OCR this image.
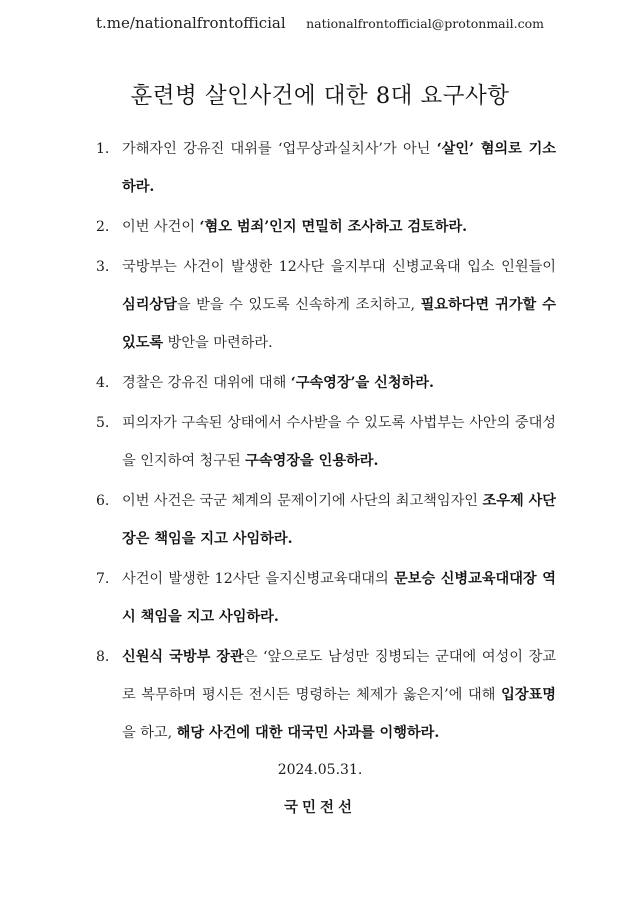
t.me/nationalfrontofficial nationalfrontofficial@protonmail.com
훈련병 살인사건에 대한 8대 요구사항
1. 가해자인 강유진 대위를 ‘업무상과실치사’가 아닌 ‘살인’ 혐의로 기소하라.
2. 이번 사건이 ‘혐오 범죄’인지 면밀히 조사하고 검토하라.
3. 국방부는 사건이 발생한 12사단 을지부대 신병교육대 입소 인원들이 심리상담을 받을 수 있도록 신속하게 조치하고, 필요하다면 귀가할 수 있도록 방안을 마련하라.
4. 경찰은 강유진 대위에 대해 ‘구속영장’을 신청하라.
5. 피의자가 구속된 상태에서 수사받을 수 있도록 사법부는 사안의 중대성을 인지하여 청구된 구속영장을 인용하라.
6. 이번 사건은 국군 체계의 문제이기에 사단의 최고책임자인 조우제 사단장은 책임을 지고 사임하라.
7. 사건이 발생한 12사단 을지신병교육대대의 문보승 신병교육대대장 역시 책임을 지고 사임하라.
8. 신원식 국방부 장관은 ‘앞으로도 남성만 징병되는 군대에 여성이 장교로 복무하며 평시든 전시든 명령하는 체제가 옳은지’에 대해 입장표명을 하고, 해당 사건에 대한 대국민 사과를 이행하라.
2024.05.31.
국민전선
